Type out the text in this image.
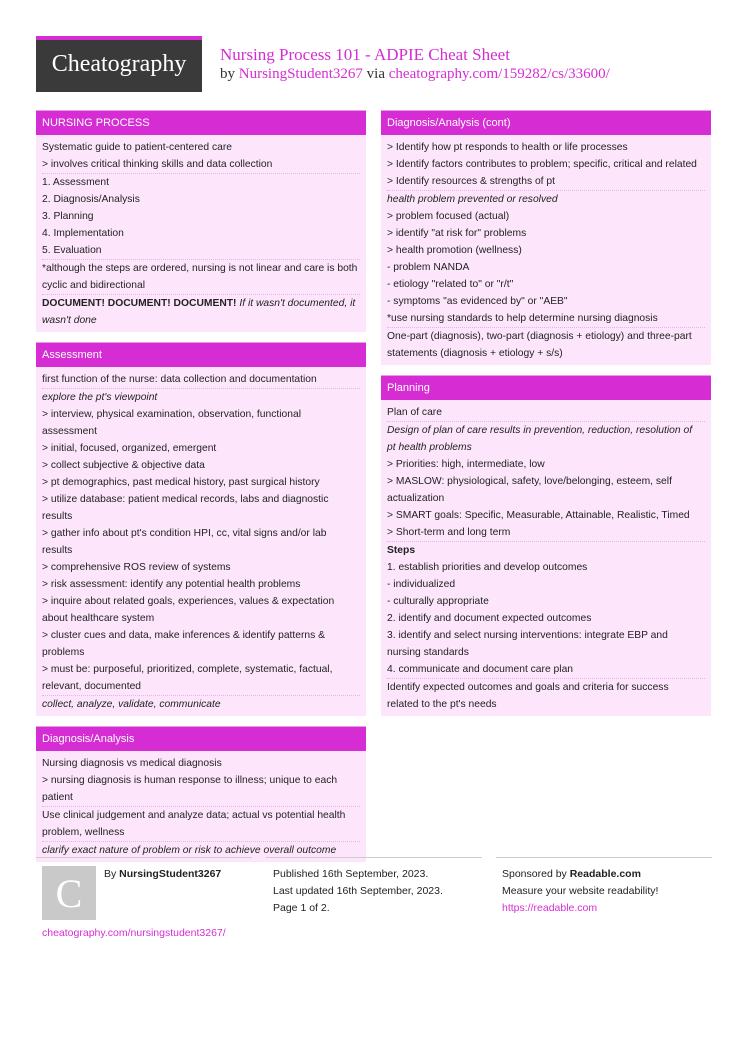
Cheatography	Nursing Process 101 - ADPIE Cheat Sheet
by NursingStudent3267 via cheatography.com/159282/cs/33600/
NURSING PROCESS
Systematic guide to patient-centered care
> involves critical thinking skills and data collection
1. Assessment
2. Diagnosis/Analysis
3. Planning
4. Implementation
5. Evaluation
*although the steps are ordered, nursing is not linear and care is both
cyclic and bidirectional
DOCUMENT! DOCUMENT! DOCUMENT! If it wasn't documented, it
wasn't done
Assessment
first function of the nurse: data collection and documentation
explore the pt's viewpoint
> interview, physical examination, observation, functional
assessment
> initial, focused, organized, emergent
> collect subjective & objective data
> pt demographics, past medical history, past surgical history
> utilize database: patient medical records, labs and diagnostic
results
> gather info about pt's condition HPI, cc, vital signs and/or lab
results
> comprehensive ROS review of systems
> risk assessment: identify any potential health problems
> inquire about related goals, experiences, values & expectation
about healthcare system
> cluster cues and data, make inferences & identify patterns &
problems
> must be: purposeful, prioritized, complete, systematic, factual,
relevant, documented
collect, analyze, validate, communicate
Diagnosis/Analysis
Nursing diagnosis vs medical diagnosis
> nursing diagnosis is human response to illness; unique to each
patient
Use clinical judgement and analyze data; actual vs potential health
problem, wellness
clarify exact nature of problem or risk to achieve overall outcome
Diagnosis/Analysis (cont)
> Identify how pt responds to health or life processes
> Identify factors contributes to problem; specific, critical and related
> Identify resources & strengths of pt
health problem prevented or resolved
> problem focused (actual)
> identify "at risk for" problems
> health promotion (wellness)
- problem NANDA
- etiology "related to" or "r/t"
- symptoms "as evidenced by" or "AEB"
*use nursing standards to help determine nursing diagnosis
One-part (diagnosis), two-part (diagnosis + etiology) and three-part
statements (diagnosis + etiology + s/s)
Planning
Plan of care
Design of plan of care results in prevention, reduction, resolution of
pt health problems
> Priorities: high, intermediate, low
> MASLOW: physiological, safety, love/belonging, esteem, self
actualization
> SMART goals: Specific, Measurable, Attainable, Realistic, Timed
> Short-term and long term
Steps
1. establish priorities and develop outcomes
- individualized
- culturally appropriate
2. identify and document expected outcomes
3. identify and select nursing interventions: integrate EBP and
nursing standards
4. communicate and document care plan
Identify expected outcomes and goals and criteria for success
related to the pt's needs
C	By NursingStudent3267
cheatography.com/nursingstudent3267/
Published 16th September, 2023.
Last updated 16th September, 2023.
Page 1 of 2.
Sponsored by Readable.com
Measure your website readability!
https://readable.com
